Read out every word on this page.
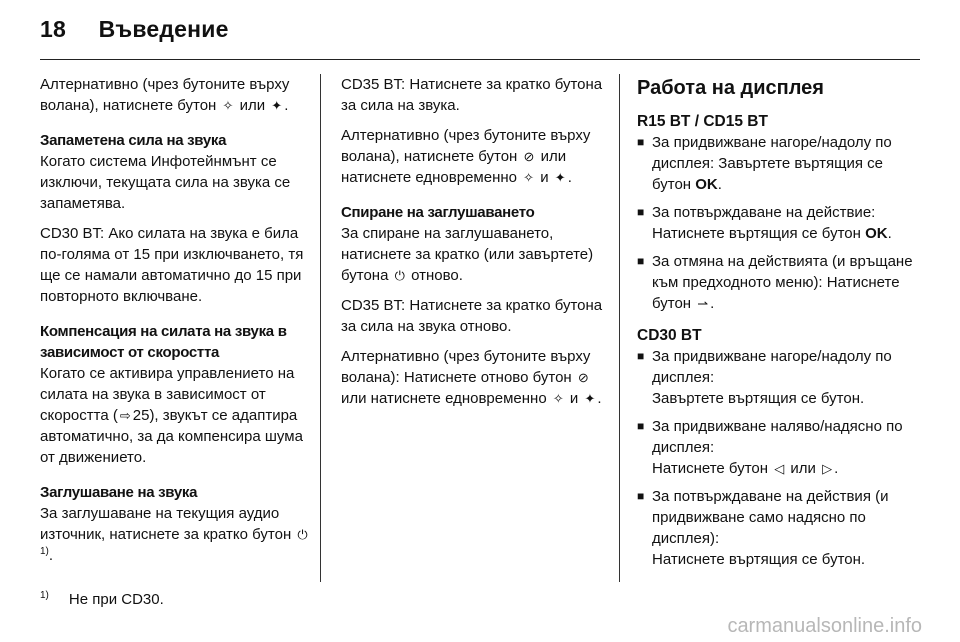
18 Въведение

Алтернативно (чрез бутоните върху волана), натиснете бутон ✧ или ✦ .

Запаметена сила на звука
Когато система Инфотейнмънт се изключи, текущата сила на звука се запаметява.

CD30 BT: Ако силата на звука е била по-голяма от 15 при изключването, тя ще се намали автоматично до 15 при повторното включване.

Компенсация на силата на звука в зависимост от скоростта
Когато се активира управлението на силата на звука в зависимост от скоростта ( ⇨ 25), звукът се адаптира автоматично, за да компенсира шума от движението.

Заглушаване на звука
За заглушаване на текущия аудио източник, натиснете за кратко бутон ⏻$^{1)}$.

CD35 BT: Натиснете за кратко бутона за сила на звука.

Алтернативно (чрез бутоните върху волана), натиснете бутон ⊘ или натиснете едновременно ✧ и ✦ .

Спиране на заглушаването
За спиране на заглушаването, натиснете за кратко (или завъртете) бутона ⏻ отново.

CD35 BT: Натиснете за кратко бутона за сила на звука отново.

Алтернативно (чрез бутоните върху волана): Натиснете отново бутон ⊘ или натиснете едновременно ✧ и ✦ .

Работа на дисплея
R15 BT / CD15 BT
■ За придвижване нагоре/надолу по дисплея: Завъртете въртящия се бутон OK.
■ За потвърждаване на действие: Натиснете въртящия се бутон OK.
■ За отмяна на действията (и връщане към предходното меню): Натиснете бутон ⇀ .
CD30 BT
■ За придвижване нагоре/надолу по дисплея:
Завъртете въртящия се бутон.
■ За придвижване наляво/надясно по дисплея:
Натиснете бутон ◁ или ▷ .
■ За потвърждаване на действия (и придвижване само надясно по дисплея):
Натиснете въртящия се бутон.
$^{1)}$ Не при CD30.
carmanualsonline.info
